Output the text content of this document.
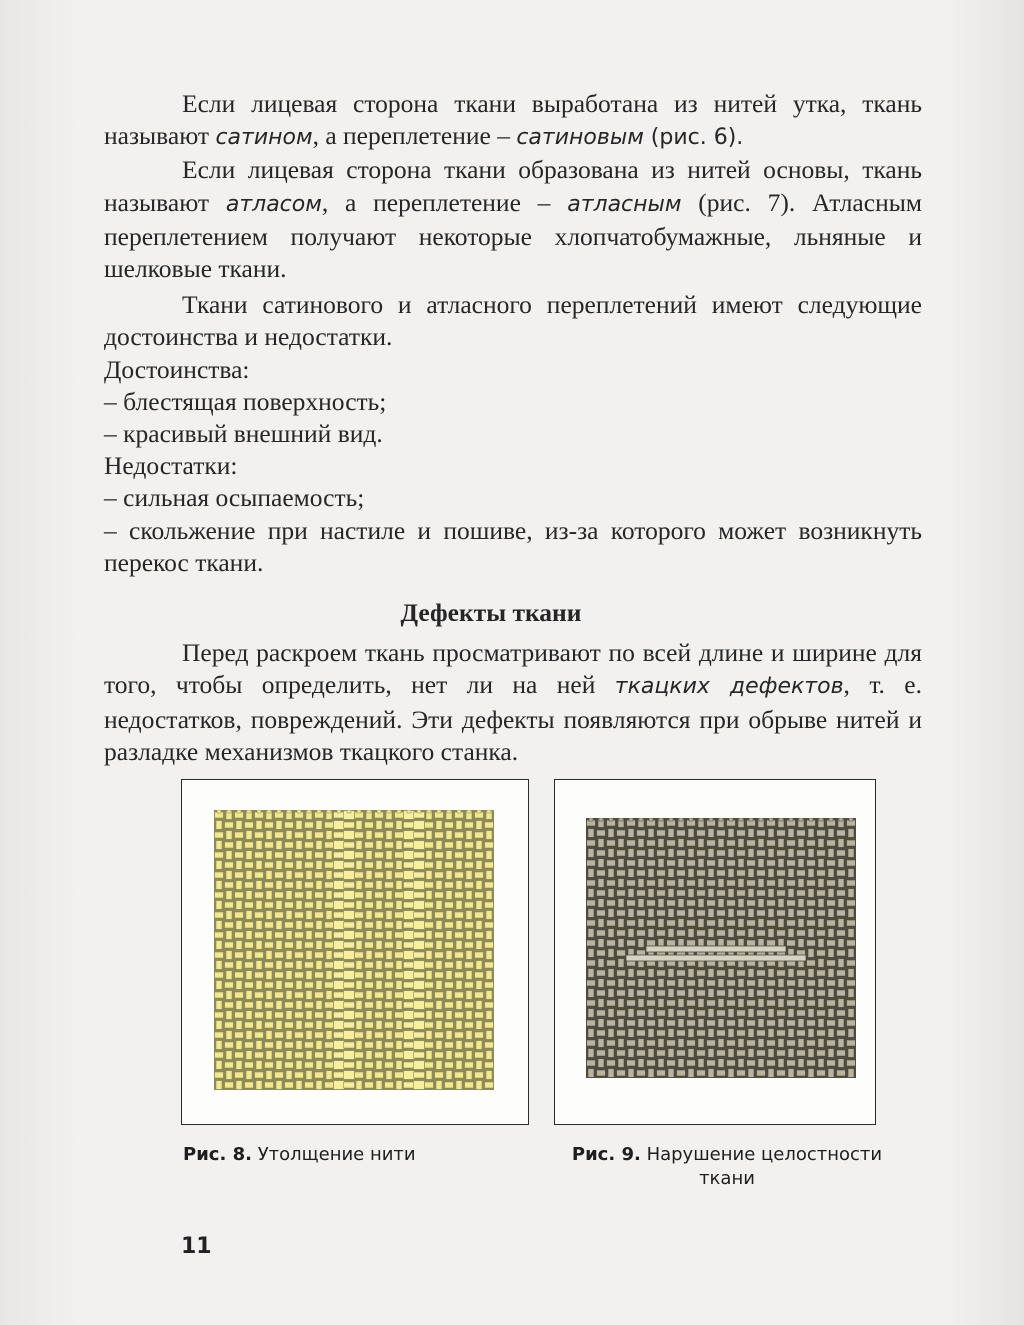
Если лицевая сторона ткани выработана из нитей утка, ткань называют сатином, а переплетение – сатиновым (рис. 6).

Если лицевая сторона ткани образована из нитей основы, ткань называют атласом, а переплетение – атласным (рис. 7). Атласным переплетением получают некоторые хлопчатобумажные, льняные и шелковые ткани.

Ткани сатинового и атласного переплетений имеют следующие достоинства и недостатки.

Достоинства:

– блестящая поверхность;

– красивый внешний вид.

Недостатки:

– сильная осыпаемость;

– скольжение при настиле и пошиве, из-за которого может возникнуть перекос ткани.

Дефекты ткани

Перед раскроем ткань просматривают по всей длине и ширине для того, чтобы определить, нет ли на ней ткацких дефектов, т. е. недостатков, повреждений. Эти дефекты появляются при обрыве нитей и разладке механизмов ткацкого станка.

Рис. 8. Утолщение нити	Рис. 9. Нарушение целостности ткани
11
